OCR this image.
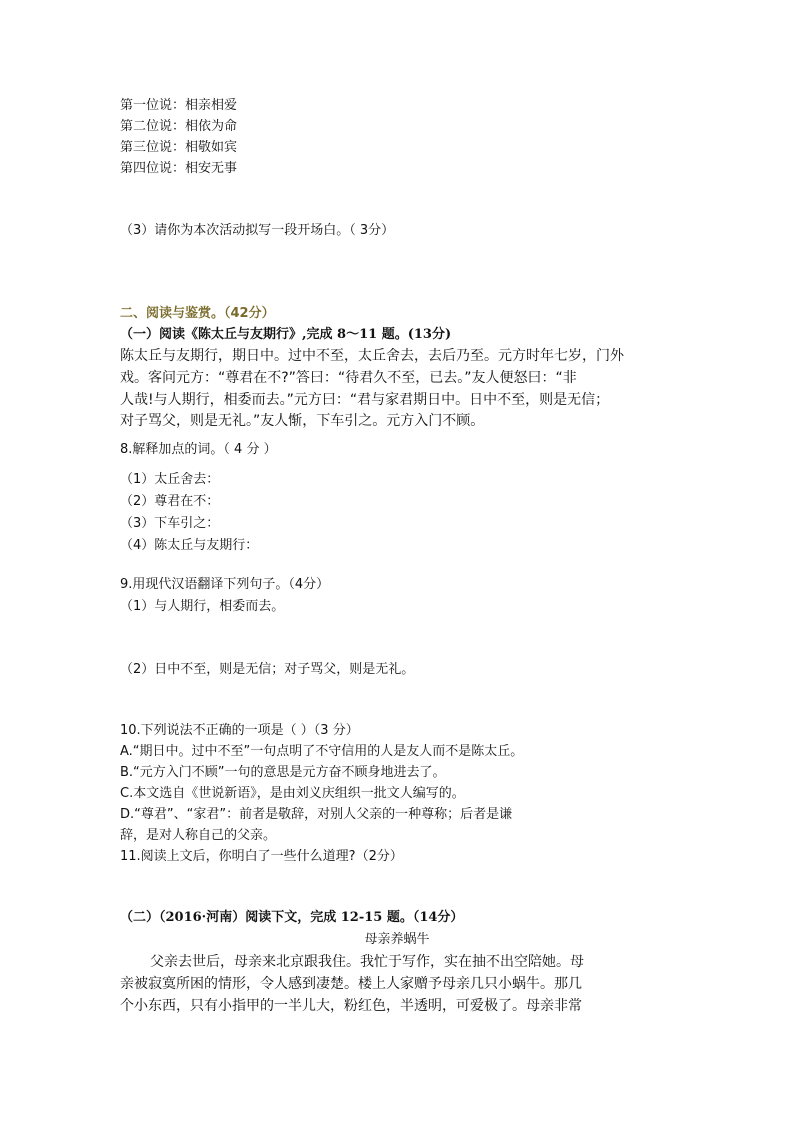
第一位说：相亲相爱
第二位说：相依为命
第三位说：相敬如宾
第四位说：相安无事
（3）请你为本次活动拟写一段开场白。（ 3分）
二、阅读与鉴赏。（42分）
（一）阅读《陈太丘与友期行》,完成 8～11 题。(13分)
陈太丘与友期行，期日中。过中不至，太丘舍去，去后乃至。元方时年七岁，门外
戏。客问元方：“尊君在不?”答曰：“待君久不至，已去。”友人便怒曰：“非
人哉!与人期行，相委而去。”元方曰：“君与家君期日中。日中不至，则是无信；
对子骂父，则是无礼。”友人惭，下车引之。元方入门不顾。
8.解释加点的词。（ 4 分 ）
（1）太丘舍去：
（2）尊君在不：
（3）下车引之：
（4）陈太丘与友期行：
9.用现代汉语翻译下列句子。（4分）
（1）与人期行，相委而去。
（2）日中不至，则是无信；对子骂父，则是无礼。
10.下列说法不正确的一项是（ ）（3 分）
A.“期日中。过中不至”一句点明了不守信用的人是友人而不是陈太丘。
B.“元方入门不顾”一句的意思是元方奋不顾身地进去了。
C.本文选自《世说新语》，是由刘义庆组织一批文人编写的。
D.“尊君”、“家君”：前者是敬辞，对别人父亲的一种尊称；后者是谦
辞，是对人称自己的父亲。
11.阅读上文后，你明白了一些什么道理?（2分）
（二）（2016·河南）阅读下文，完成 12-15 题。（14分）
母亲养蜗牛
父亲去世后，母亲来北京跟我住。我忙于写作，实在抽不出空陪她。母
亲被寂寞所困的情形，令人感到凄楚。楼上人家赠予母亲几只小蜗牛。那几
个小东西，只有小指甲的一半儿大，粉红色，半透明，可爱极了。母亲非常
